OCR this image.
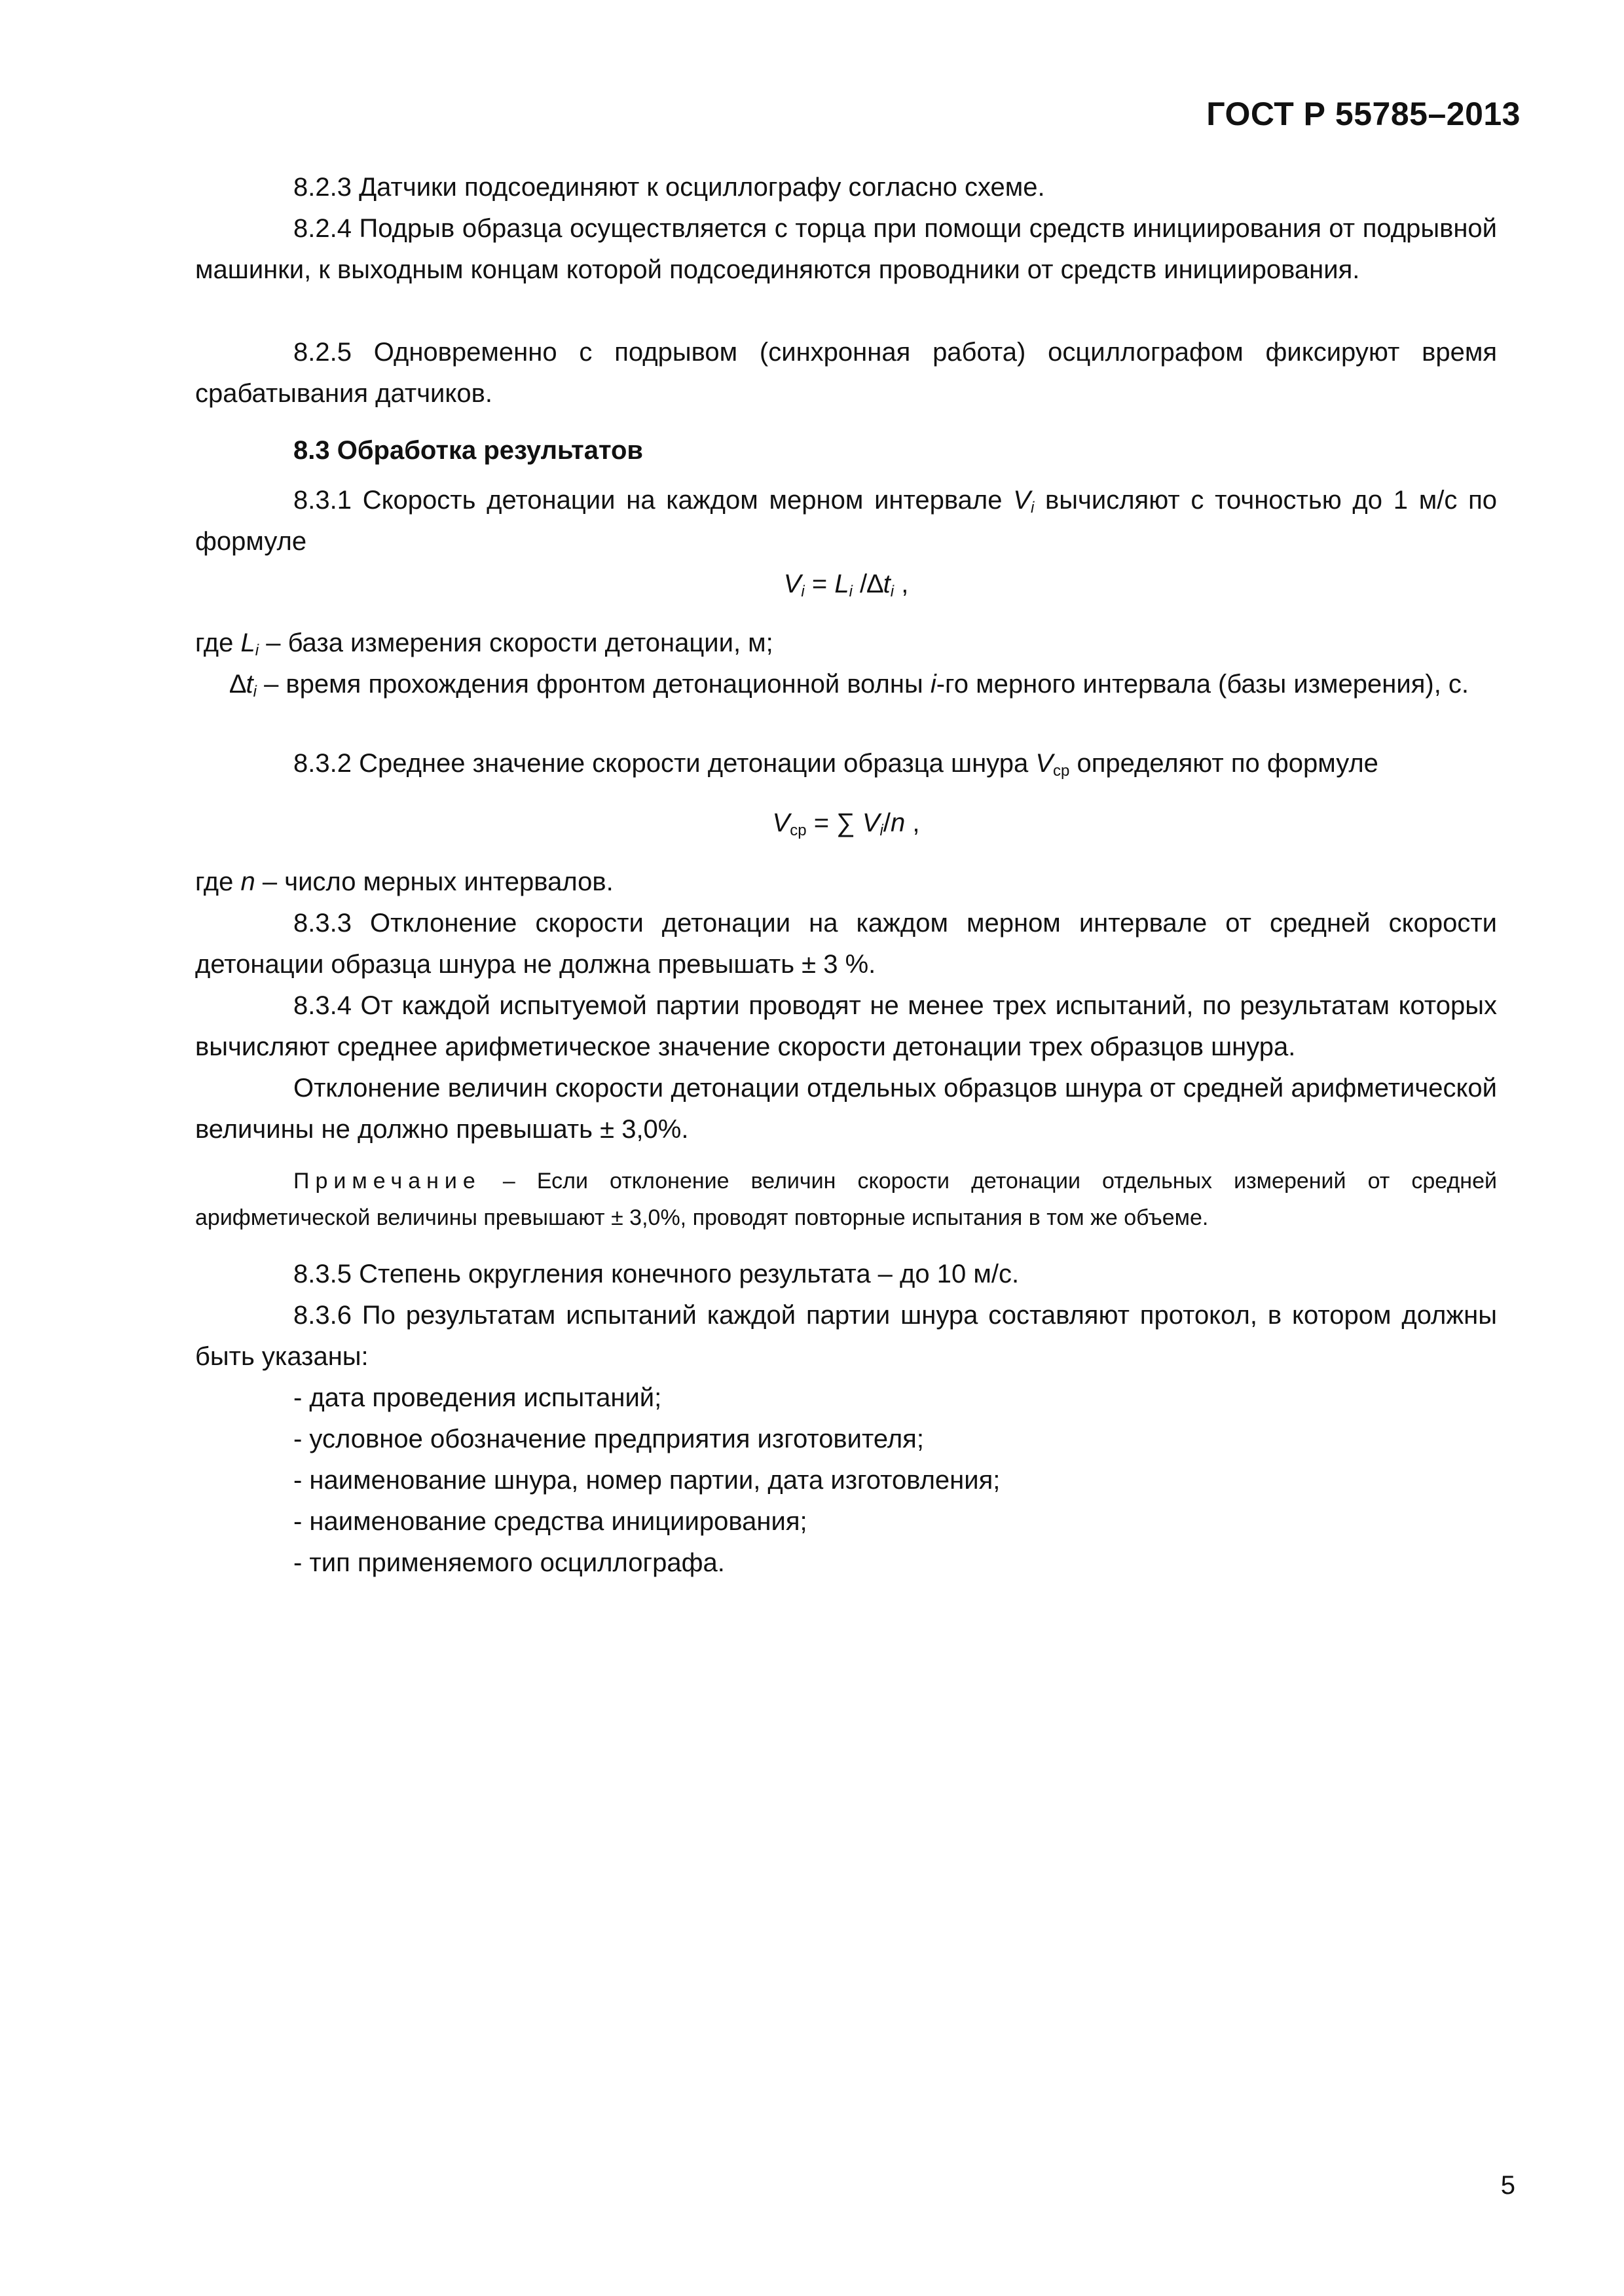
ГОСТ Р 55785–2013
8.2.3 Датчики подсоединяют к осциллографу согласно схеме.
8.2.4 Подрыв образца осуществляется с торца при помощи средств инициирования от подрывной машинки, к выходным концам которой подсоединяются проводники от средств инициирования.
8.2.5 Одновременно с подрывом (синхронная работа) осциллографом фиксируют время срабатывания датчиков.
8.3 Обработка результатов
8.3.1 Скорость детонации на каждом мерном интервале $V_i$ вычисляют с точностью до 1 м/с по формуле
$V_i = L_i$ $/\Delta t_i$ ,
где $L_i$ – база измерения скорости детонации, м;
$\Delta t_i$ – время прохождения фронтом детонационной волны i-го мерного интервала (базы измерения), с.
8.3.2 Среднее значение скорости детонации образца шнура $V_{ср}$ определяют по формуле
$V_{ср}$ = ∑ $V_i/n$ ,
где n – число мерных интервалов.
8.3.3 Отклонение скорости детонации на каждом мерном интервале от средней скорости детонации образца шнура не должна превышать ± 3 %.
8.3.4 От каждой испытуемой партии проводят не менее трех испытаний, по результатам которых вычисляют среднее арифметическое значение скорости детонации трех образцов шнура.
Отклонение величин скорости детонации отдельных образцов шнура от средней арифметической величины не должно превышать ± 3,0%.
Примечание – Если отклонение величин скорости детонации отдельных измерений от средней арифметической величины превышают ± 3,0%, проводят повторные испытания в том же объеме.
8.3.5 Степень округления конечного результата – до 10 м/с.
8.3.6 По результатам испытаний каждой партии шнура составляют протокол, в котором должны быть указаны:
- дата проведения испытаний;
- условное обозначение предприятия изготовителя;
- наименование шнура, номер партии, дата изготовления;
- наименование средства инициирования;
- тип применяемого осциллографа.
5
